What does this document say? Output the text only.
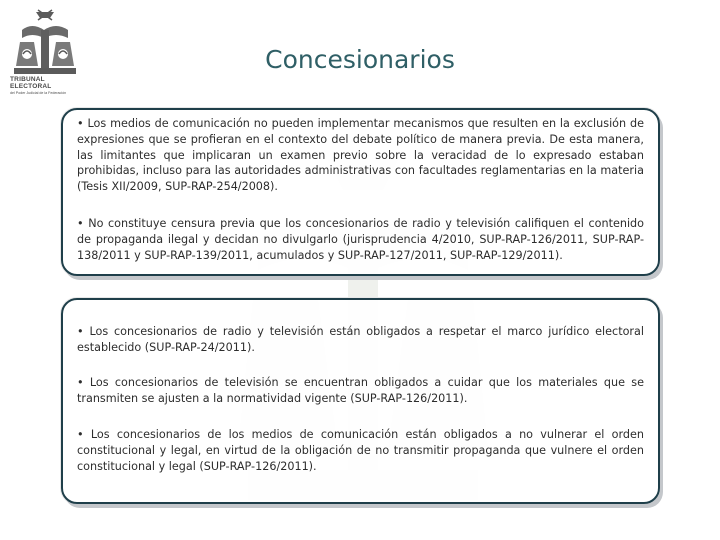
TRIBUNAL ELECTORAL
del Poder Judicial de la Federación
Concesionarios

• Los medios de comunicación no pueden implementar mecanismos que resulten en la exclusión de expresiones que se profieran en el contexto del debate político de manera previa. De esta manera, las limitantes que implicaran un examen previo sobre la veracidad de lo expresado estaban prohibidas, incluso para las autoridades administrativas con facultades reglamentarias en la materia (Tesis XII/2009, SUP-RAP-254/2008).

• No constituye censura previa que los concesionarios de radio y televisión califiquen el contenido de propaganda ilegal y decidan no divulgarlo (jurisprudencia 4/2010, SUP-RAP-126/2011, SUP-RAP-138/2011 y SUP-RAP-139/2011, acumulados y SUP-RAP-127/2011, SUP-RAP-129/2011).

• Los concesionarios de radio y televisión están obligados a respetar el marco jurídico electoral establecido (SUP-RAP-24/2011).

• Los concesionarios de televisión se encuentran obligados a cuidar que los materiales que se transmiten se ajusten a la normatividad vigente (SUP-RAP-126/2011).

• Los concesionarios de los medios de comunicación están obligados a no vulnerar el orden constitucional y legal, en virtud de la obligación de no transmitir propaganda que vulnere el orden constitucional y legal (SUP-RAP-126/2011).
